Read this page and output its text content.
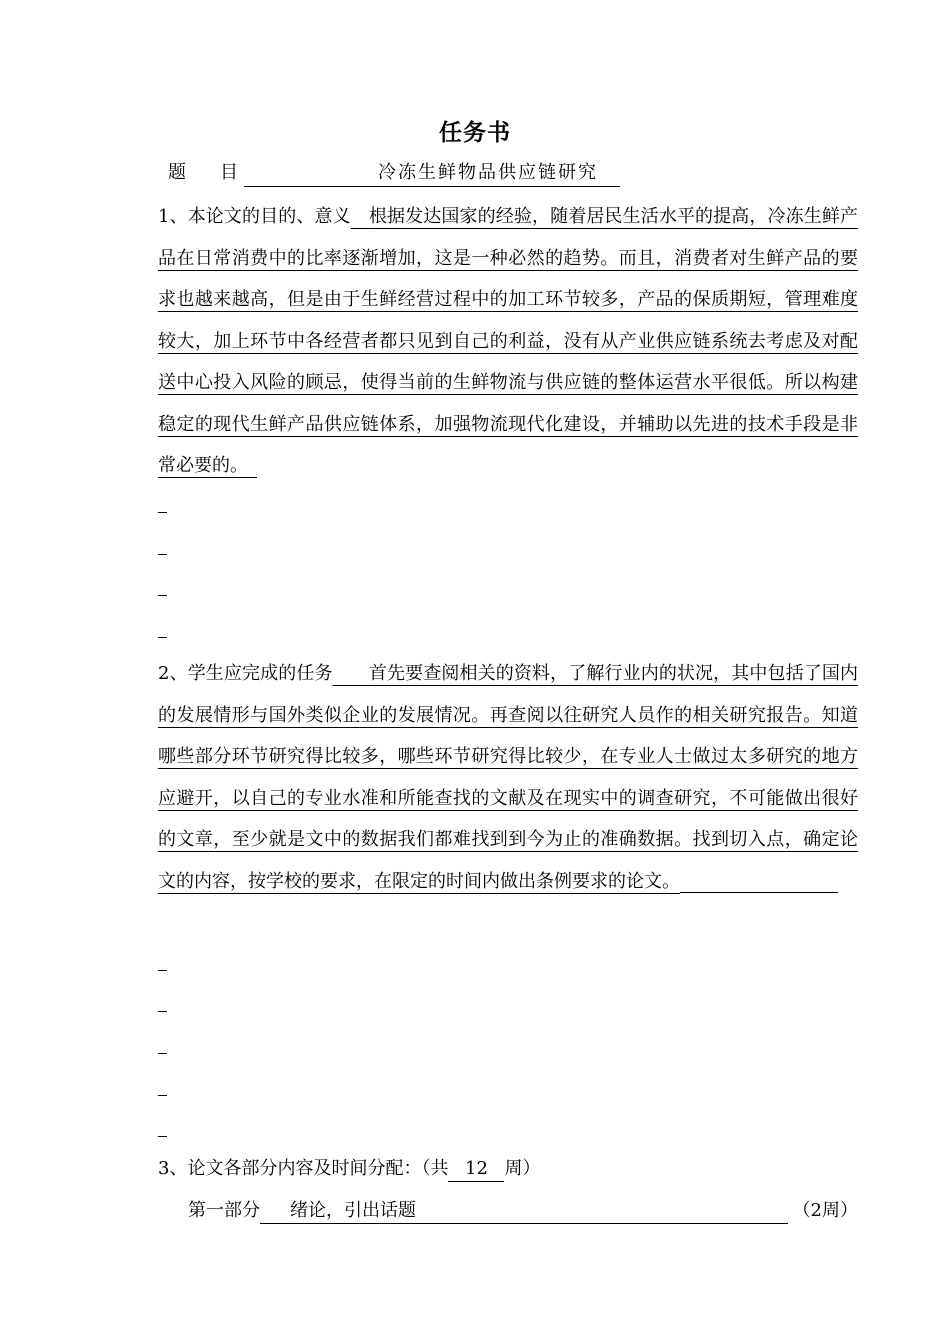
任务书
题目	冷冻生鲜物品供应链研究
1、本论文的目的、意义　 根据发达国家的经验，随着居民生活水平的提高，冷冻生鲜产品在日常消费中的比率逐渐增加，这是一种必然的趋势。而且，消费者对生鲜产品的要求也越来越高，但是由于生鲜经营过程中的加工环节较多，产品的保质期短，管理难度较大，加上环节中各经营者都只见到自己的利益，没有从产业供应链系统去考虑及对配送中心投入风险的顾忌，使得当前的生鲜物流与供应链的整体运营水平很低。所以构建稳定的现代生鲜产品供应链体系，加强物流现代化建设，并辅助以先进的技术手段是非常必要的。 
2、学生应完成的任务　　 首先要查阅相关的资料，了解行业内的状况，其中包括了国内的发展情形与国外类似企业的发展情况。再查阅以往研究人员作的相关研究报告。知道哪些部分环节研究得比较多，哪些环节研究得比较少，在专业人士做过太多研究的地方应避开，以自己的专业水准和所能查找的文献及在现实中的调查研究，不可能做出很好的文章，至少就是文中的数据我们都难找到到今为止的准确数据。找到切入点，确定论文的内容，按学校的要求，在限定的时间内做出条例要求的论文。
3、论文各部分内容及时间分配：（共 12 周）
第一部分 绪论，引出话题	（2周）
